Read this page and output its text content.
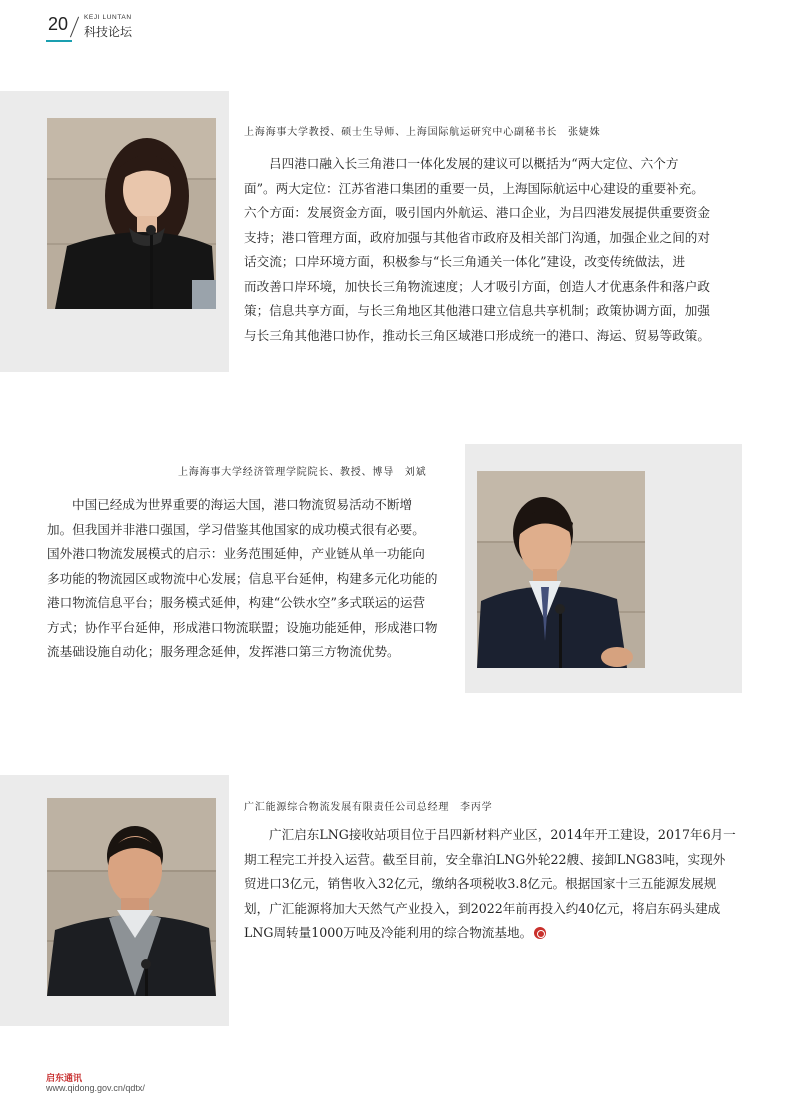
20 KEJI LUNTAN
科技论坛
上海海事大学教授、硕士生导师、上海国际航运研究中心副秘书长　张婕姝
吕四港口融入长三角港口一体化发展的建议可以概括为“两大定位、六个方
面”。两大定位：江苏省港口集团的重要一员，上海国际航运中心建设的重要补充。
六个方面：发展资金方面，吸引国内外航运、港口企业，为吕四港发展提供重要资金
支持；港口管理方面，政府加强与其他省市政府及相关部门沟通，加强企业之间的对
话交流；口岸环境方面，积极参与“长三角通关一体化”建设，改变传统做法，进
而改善口岸环境，加快长三角物流速度；人才吸引方面，创造人才优惠条件和落户政
策；信息共享方面，与长三角地区其他港口建立信息共享机制；政策协调方面，加强
与长三角其他港口协作，推动长三角区域港口形成统一的港口、海运、贸易等政策。
上海海事大学经济管理学院院长、教授、博导　刘斌
中国已经成为世界重要的海运大国，港口物流贸易活动不断增
加。但我国并非港口强国，学习借鉴其他国家的成功模式很有必要。
国外港口物流发展模式的启示：业务范围延伸，产业链从单一功能向
多功能的物流园区或物流中心发展；信息平台延伸，构建多元化功能的
港口物流信息平台；服务模式延伸，构建“公铁水空”多式联运的运营
方式；协作平台延伸，形成港口物流联盟；设施功能延伸，形成港口物
流基础设施自动化；服务理念延伸，发挥港口第三方物流优势。
广汇能源综合物流发展有限责任公司总经理　李丙学
广汇启东LNG接收站项目位于吕四新材料产业区，2014年开工建设，2017年6月一
期工程完工并投入运营。截至目前，安全靠泊LNG外轮22艘、接卸LNG83吨，实现外
贸进口3亿元，销售收入32亿元，缴纳各项税收3.8亿元。根据国家十三五能源发展规
划，广汇能源将加大天然气产业投入，到2022年前再投入约40亿元，将启东码头建成
LNG周转量1000万吨及冷能利用的综合物流基地。
启东通讯
www.qidong.gov.cn/qdtx/
